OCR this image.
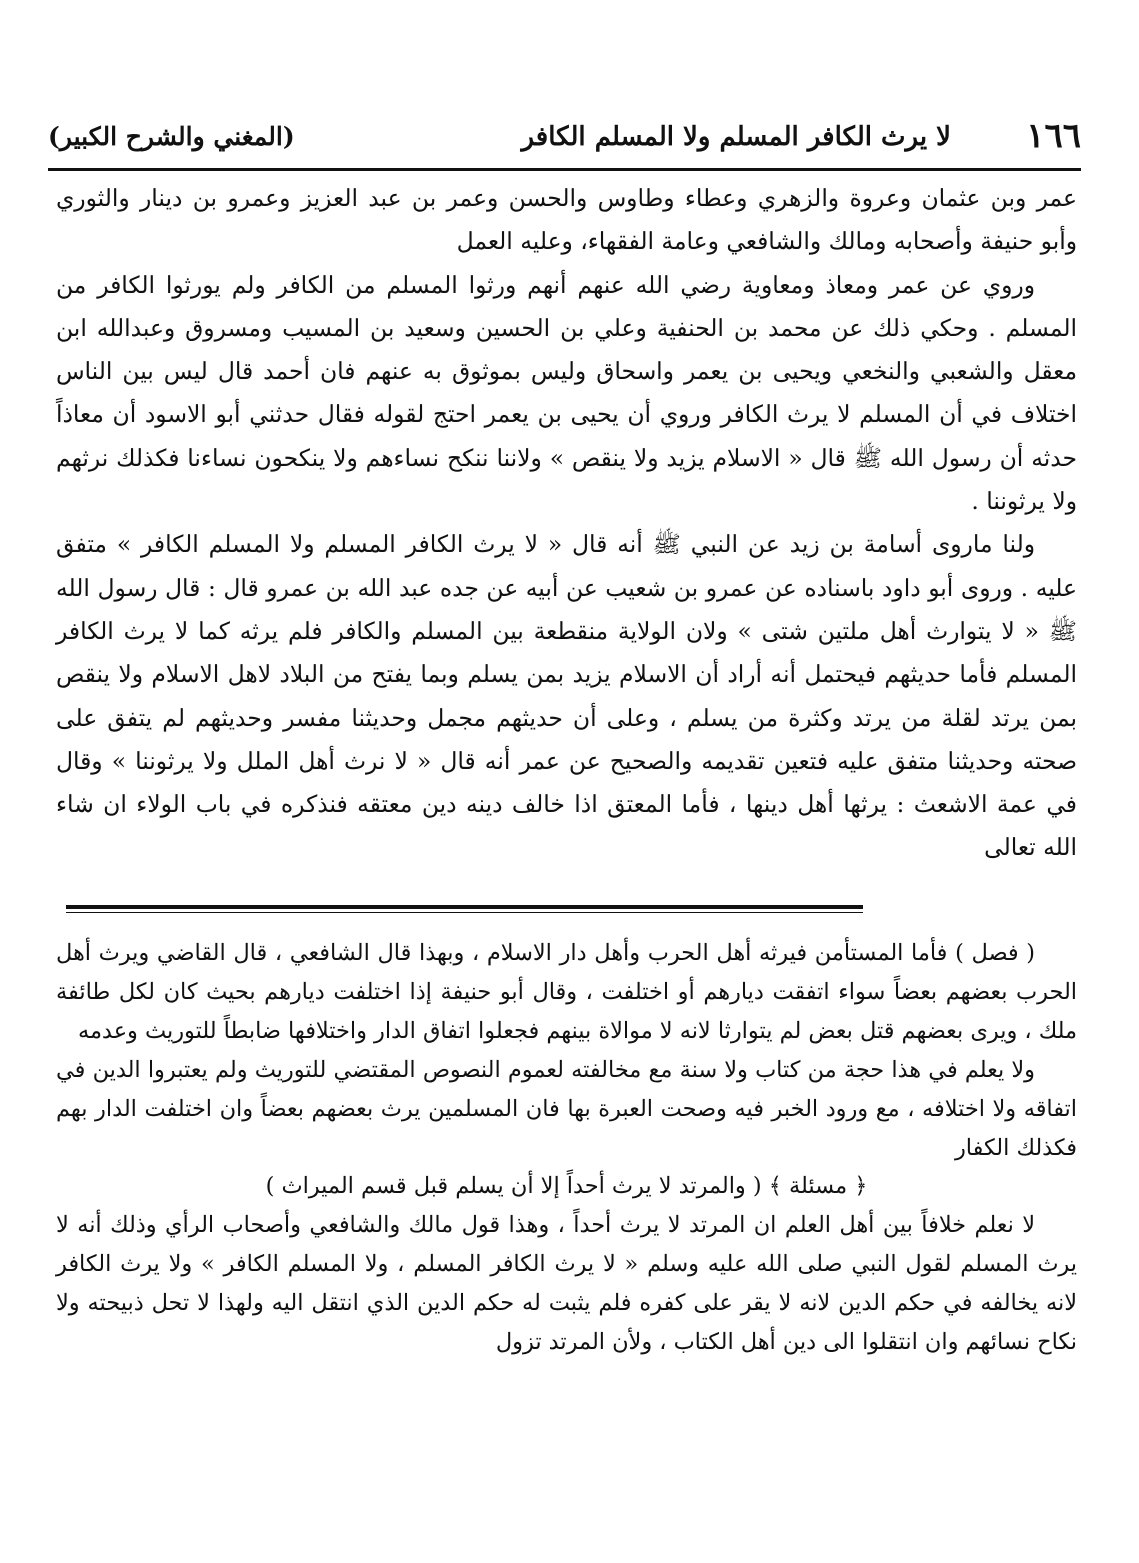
١٦٦
لا يرث الكافر المسلم ولا المسلم الكافر
(المغني والشرح الكبير)

عمر وبن عثمان وعروة والزهري وعطاء وطاوس والحسن وعمر بن عبد العزيز وعمرو بن دينار والثوري وأبو حنيفة وأصحابه ومالك والشافعي وعامة الفقهاء، وعليه العمل

وروي عن عمر ومعاذ ومعاوية رضي الله عنهم أنهم ورثوا المسلم من الكافر ولم يورثوا الكافر من المسلم . وحكي ذلك عن محمد بن الحنفية وعلي بن الحسين وسعيد بن المسيب ومسروق وعبدالله ابن معقل والشعبي والنخعي ويحيى بن يعمر واسحاق وليس بموثوق به عنهم فان أحمد قال ليس بين الناس اختلاف في أن المسلم لا يرث الكافر وروي أن يحيى بن يعمر احتج لقوله فقال حدثني أبو الاسود أن معاذاً حدثه أن رسول الله ﷺ قال « الاسلام يزيد ولا ينقص » ولاننا ننكح نساءهم ولا ينكحون نساءنا فكذلك نرثهم ولا يرثوننا .

ولنا ماروى أسامة بن زيد عن النبي ﷺ أنه قال « لا يرث الكافر المسلم ولا المسلم الكافر » متفق عليه . وروى أبو داود باسناده عن عمرو بن شعيب عن أبيه عن جده عبد الله بن عمرو قال : قال رسول الله ﷺ « لا يتوارث أهل ملتين شتى » ولان الولاية منقطعة بين المسلم والكافر فلم يرثه كما لا يرث الكافر المسلم فأما حديثهم فيحتمل أنه أراد أن الاسلام يزيد بمن يسلم وبما يفتح من البلاد لاهل الاسلام ولا ينقص بمن يرتد لقلة من يرتد وكثرة من يسلم ، وعلى أن حديثهم مجمل وحديثنا مفسر وحديثهم لم يتفق على صحته وحديثنا متفق عليه فتعين تقديمه والصحيح عن عمر أنه قال « لا نرث أهل الملل ولا يرثوننا » وقال في عمة الاشعث : يرثها أهل دينها ، فأما المعتق اذا خالف دينه دين معتقه فنذكره في باب الولاء ان شاء الله تعالى

( فصل ) فأما المستأمن فيرثه أهل الحرب وأهل دار الاسلام ، وبهذا قال الشافعي ، قال القاضي ويرث أهل الحرب بعضهم بعضاً سواء اتفقت ديارهم أو اختلفت ، وقال أبو حنيفة إذا اختلفت ديارهم بحيث كان لكل طائفة ملك ، ويرى بعضهم قتل بعض لم يتوارثا لانه لا موالاة بينهم فجعلوا اتفاق الدار واختلافها ضابطاً للتوريث وعدمه

ولا يعلم في هذا حجة من كتاب ولا سنة مع مخالفته لعموم النصوص المقتضي للتوريث ولم يعتبروا الدين في اتفاقه ولا اختلافه ، مع ورود الخبر فيه وصحت العبرة بها فان المسلمين يرث بعضهم بعضاً وان اختلفت الدار بهم فكذلك الكفار

﴿ مسئلة ﴾ ( والمرتد لا يرث أحداً إلا أن يسلم قبل قسم الميراث )

لا نعلم خلافاً بين أهل العلم ان المرتد لا يرث أحداً ، وهذا قول مالك والشافعي وأصحاب الرأي وذلك أنه لا يرث المسلم لقول النبي صلى الله عليه وسلم « لا يرث الكافر المسلم ، ولا المسلم الكافر » ولا يرث الكافر لانه يخالفه في حكم الدين لانه لا يقر على كفره فلم يثبت له حكم الدين الذي انتقل اليه ولهذا لا تحل ذبيحته ولا نكاح نسائهم وان انتقلوا الى دين أهل الكتاب ، ولأن المرتد تزول
